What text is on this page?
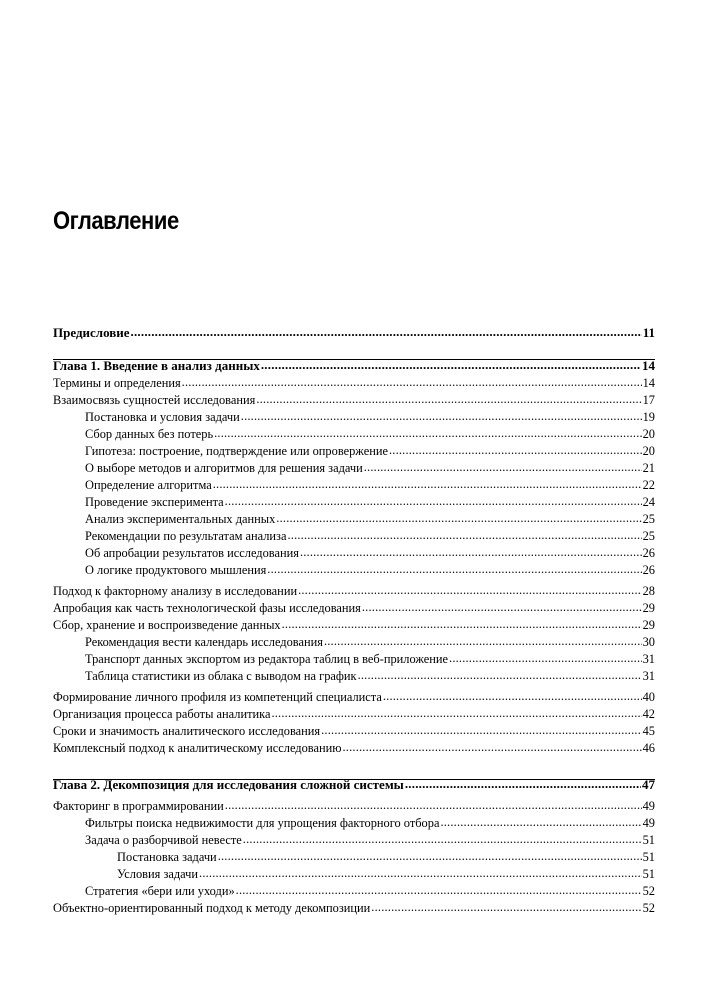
Оглавление
Предисловие .....	11
Глава 1. Введение в анализ данных .....	14
Термины и определения .....	14
Взаимосвязь сущностей исследования .....	17
Постановка и условия задачи .....	19
Сбор данных без потерь .....	20
Гипотеза: построение, подтверждение или опровержение .....	20
О выборе методов и алгоритмов для решения задачи .....	21
Определение алгоритма .....	22
Проведение эксперимента .....	24
Анализ экспериментальных данных .....	25
Рекомендации по результатам анализа .....	25
Об апробации результатов исследования .....	26
О логике продуктового мышления .....	26
Подход к факторному анализу в исследовании .....	28
Апробация как часть технологической фазы исследования .....	29
Сбор, хранение и воспроизведение данных .....	29
Рекомендация вести календарь исследования .....	30
Транспорт данных экспортом из редактора таблиц в веб-приложение .....	31
Таблица статистики из облака с выводом на график .....	31
Формирование личного профиля из компетенций специалиста .....	40
Организация процесса работы аналитика .....	42
Сроки и значимость аналитического исследования .....	45
Комплексный подход к аналитическому исследованию .....	46
Глава 2. Декомпозиция для исследования сложной системы .....	47
Факторинг в программировании .....	49
Фильтры поиска недвижимости для упрощения факторного отбора .....	49
Задача о разборчивой невесте .....	51
Постановка задачи .....	51
Условия задачи .....	51
Стратегия «бери или уходи» .....	52
Объектно-ориентированный подход к методу декомпозиции .....	52
